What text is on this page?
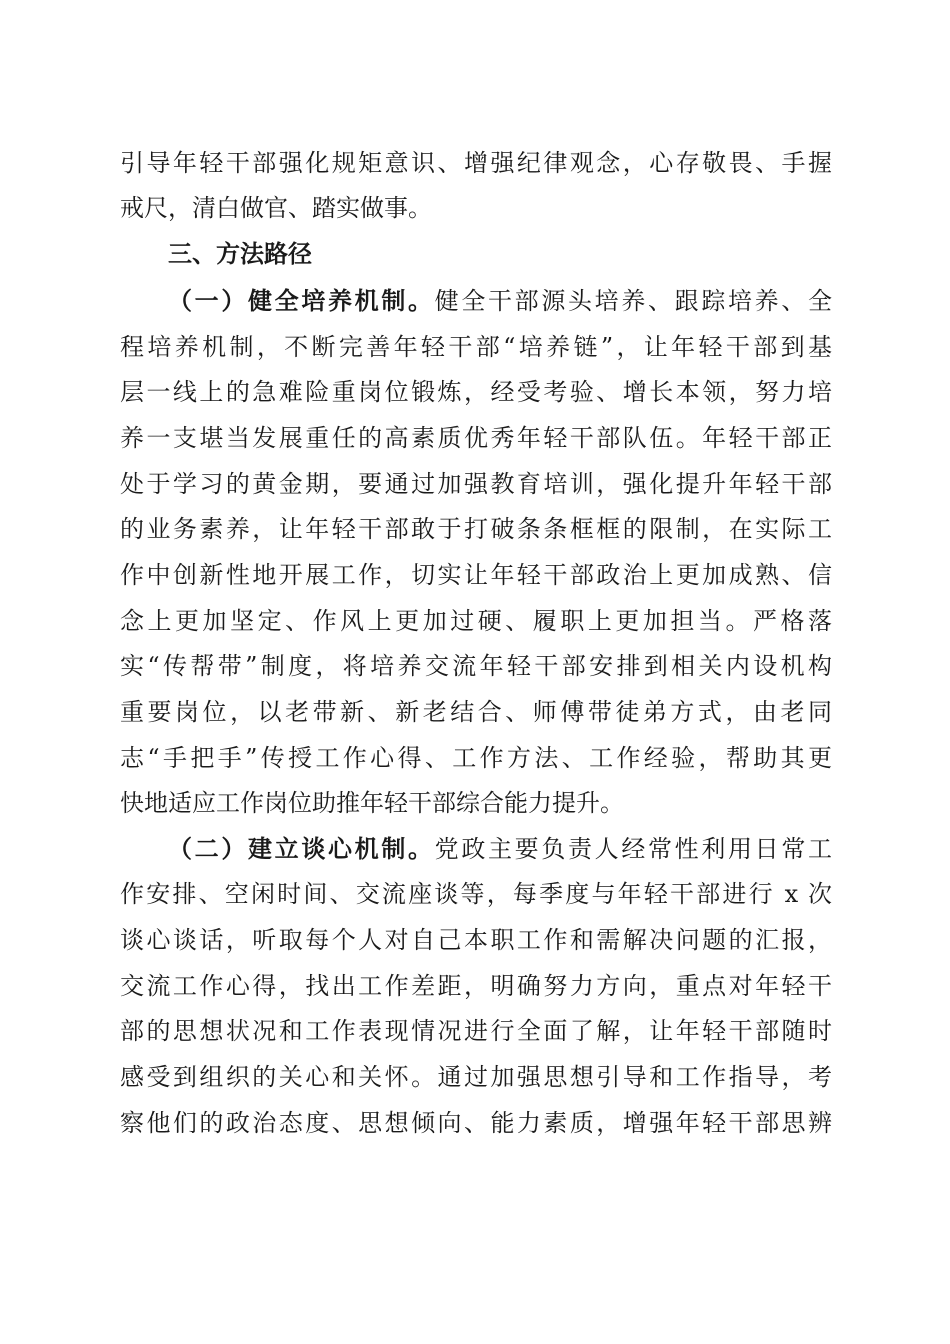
引导年轻干部强化规矩意识、增强纪律观念，心存敬畏、手握
戒尺，清白做官、踏实做事。
三、方法路径
（一）健全培养机制。健全干部源头培养、跟踪培养、全
程培养机制，不断完善年轻干部“培养链”，让年轻干部到基
层一线上的急难险重岗位锻炼，经受考验、增长本领，努力培
养一支堪当发展重任的高素质优秀年轻干部队伍。年轻干部正
处于学习的黄金期，要通过加强教育培训，强化提升年轻干部
的业务素养，让年轻干部敢于打破条条框框的限制，在实际工
作中创新性地开展工作，切实让年轻干部政治上更加成熟、信
念上更加坚定、作风上更加过硬、履职上更加担当。严格落
实“传帮带”制度，将培养交流年轻干部安排到相关内设机构
重要岗位，以老带新、新老结合、师傅带徒弟方式，由老同
志“手把手”传授工作心得、工作方法、工作经验，帮助其更
快地适应工作岗位助推年轻干部综合能力提升。
（二）建立谈心机制。党政主要负责人经常性利用日常工
作安排、空闲时间、交流座谈等，每季度与年轻干部进行 x 次
谈心谈话，听取每个人对自己本职工作和需解决问题的汇报，
交流工作心得，找出工作差距，明确努力方向，重点对年轻干
部的思想状况和工作表现情况进行全面了解，让年轻干部随时
感受到组织的关心和关怀。通过加强思想引导和工作指导，考
察他们的政治态度、思想倾向、能力素质，增强年轻干部思辨
